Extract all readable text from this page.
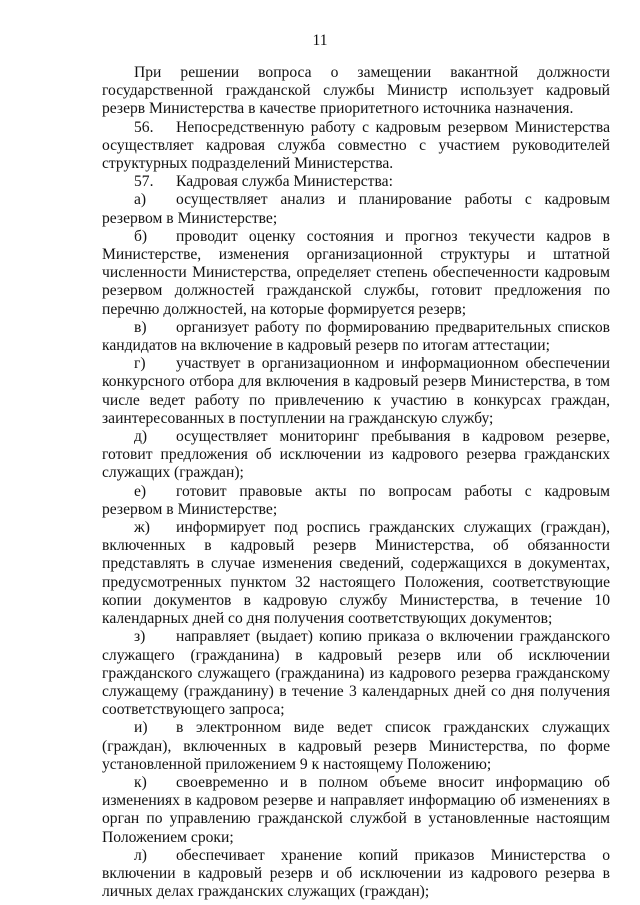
11

При решении вопроса о замещении вакантной должности государственной гражданской службы Министр использует кадровый резерв Министерства в качестве приоритетного источника назначения.

56. Непосредственную работу с кадровым резервом Министерства осуществляет кадровая служба совместно с участием руководителей структурных подразделений Министерства.

57. Кадровая служба Министерства:

а) осуществляет анализ и планирование работы с кадровым резервом в Министерстве;

б) проводит оценку состояния и прогноз текучести кадров в Министерстве, изменения организационной структуры и штатной численности Министерства, определяет степень обеспеченности кадровым резервом должностей гражданской службы, готовит предложения по перечню должностей, на которые формируется резерв;

в) организует работу по формированию предварительных списков кандидатов на включение в кадровый резерв по итогам аттестации;

г) участвует в организационном и информационном обеспечении конкурсного отбора для включения в кадровый резерв Министерства, в том числе ведет работу по привлечению к участию в конкурсах граждан, заинтересованных в поступлении на гражданскую службу;

д) осуществляет мониторинг пребывания в кадровом резерве, готовит предложения об исключении из кадрового резерва гражданских служащих (граждан);

е) готовит правовые акты по вопросам работы с кадровым резервом в Министерстве;

ж) информирует под роспись гражданских служащих (граждан), включенных в кадровый резерв Министерства, об обязанности представлять в случае изменения сведений, содержащихся в документах, предусмотренных пунктом 32 настоящего Положения, соответствующие копии документов в кадровую службу Министерства, в течение 10 календарных дней со дня получения соответствующих документов;

з) направляет (выдает) копию приказа о включении гражданского служащего (гражданина) в кадровый резерв или об исключении гражданского служащего (гражданина) из кадрового резерва гражданскому служащему (гражданину) в течение 3 календарных дней со дня получения соответствующего запроса;

и) в электронном виде ведет список гражданских служащих (граждан), включенных в кадровый резерв Министерства, по форме установленной приложением 9 к настоящему Положению;

к) своевременно и в полном объеме вносит информацию об изменениях в кадровом резерве и направляет информацию об изменениях в орган по управлению гражданской службой в установленные настоящим Положением сроки;

л) обеспечивает хранение копий приказов Министерства о включении в кадровый резерв и об исключении из кадрового резерва в личных делах гражданских служащих (граждан);
